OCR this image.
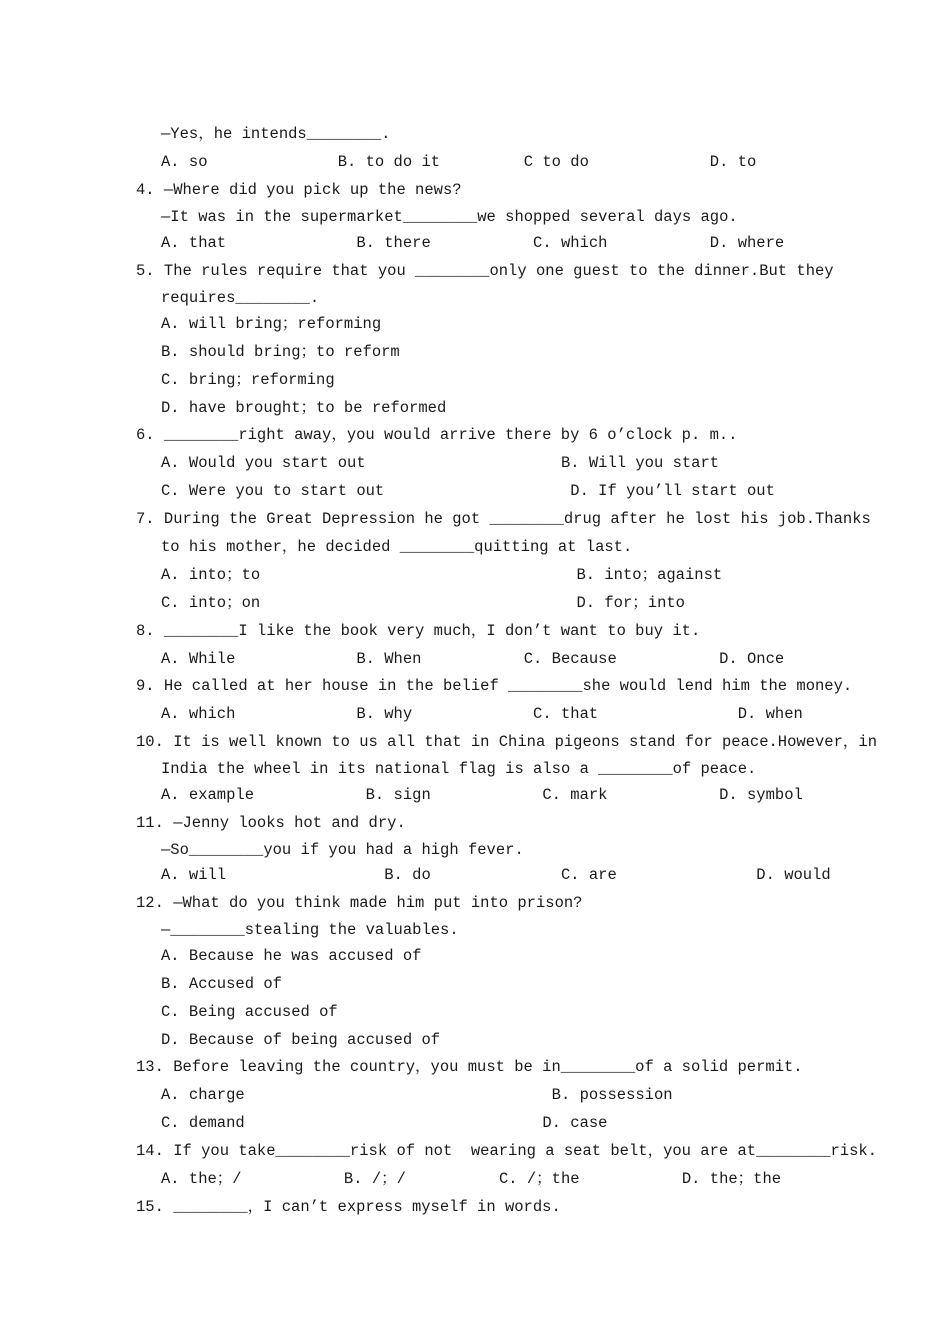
—Yes，he intends________.
A. so              B. to do it         C to do             D. to
4. —Where did you pick up the news?
—It was in the supermarket________we shopped several days ago.
A. that              B. there           C. which           D. where
5. The rules require that you ________only one guest to the dinner.But they
requires________.
A. will bring；reforming
B. should bring；to reform
C. bring；reforming
D. have brought；to be reformed
6. ________right away，you would arrive there by 6 o’clock p. m..
A. Would you start out                     B. Will you start
C. Were you to start out                    D. If you’ll start out
7. During the Great Depression he got ________drug after he lost his job.Thanks
to his mother，he decided ________quitting at last.
A. into；to                                  B. into；against
C. into；on                                  D. for；into
8. ________I like the book very much，I don’t want to buy it.
A. While             B. When           C. Because           D. Once
9. He called at her house in the belief ________she would lend him the money.
A. which             B. why             C. that               D. when
10. It is well known to us all that in China pigeons stand for peace.However，in
India the wheel in its national flag is also a ________of peace.
A. example            B. sign            C. mark            D. symbol
11. —Jenny looks hot and dry.
—So________you if you had a high fever.
A. will                 B. do              C. are               D. would
12. —What do you think made him put into prison?
—________stealing the valuables.
A. Because he was accused of
B. Accused of
C. Being accused of
D. Because of being accused of
13. Before leaving the country，you must be in________of a solid permit.
A. charge                                 B. possession
C. demand                                D. case
14. If you take________risk of not  wearing a seat belt，you are at________risk.
A. the；/           B. /；/          C. /；the           D. the；the
15. ________，I can’t express myself in words.
